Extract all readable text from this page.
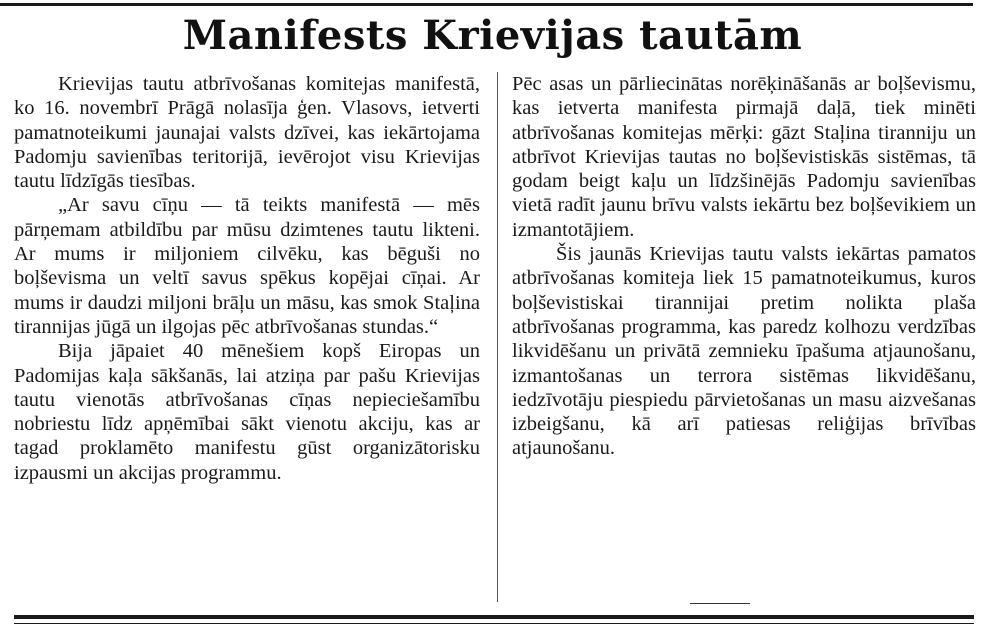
Manifests Krievijas tautām

Krievijas tautu atbrīvošanas komitejas manifestā, ko 16. novembrī Prāgā nolasīja ģen. Vlasovs, ietverti pamatnoteikumi jaunajai valsts dzīvei, kas iekārtojama Padomju savienības teritorijā, ievērojot visu Krievijas tautu līdzīgās tiesības.

„Ar savu cīņu — tā teikts manifestā — mēs pārņemam atbildību par mūsu dzimtenes tautu likteni. Ar mums ir miljoniem cilvēku, kas bēguši no boļševisma un veltī savus spēkus kopējai cīņai. Ar mums ir daudzi miljoni brāļu un māsu, kas smok Staļina tirannijas jūgā un ilgojas pēc atbrīvošanas stundas.“

Bija jāpaiet 40 mēnešiem kopš Eiropas un Padomijas kaļa sākšanās, lai atziņa par pašu Krievijas tautu vienotās atbrīvošanas cīņas nepieciešamību nobriestu līdz apņēmībai sākt vienotu akciju, kas ar tagad proklamēto manifestu gūst organizātorisku izpausmi un akcijas programmu.

Pēc asas un pārliecinātas norēķināšanās ar boļševismu, kas ietverta manifesta pirmajā daļā, tiek minēti atbrīvošanas komitejas mērķi: gāzt Staļina tiranniju un atbrīvot Krievijas tautas no boļševistiskās sistēmas, tā godam beigt kaļu un līdzšinējās Padomju savienības vietā radīt jaunu brīvu valsts iekārtu bez boļševikiem un izmantotājiem.

Šis jaunās Krievijas tautu valsts iekārtas pamatos atbrīvošanas komiteja liek 15 pamatnoteikumus, kuros boļševistiskai tirannijai pretim nolikta plaša atbrīvošanas programma, kas paredz kolhozu verdzības likvidēšanu un privātā zemnieku īpašuma atjaunošanu, izmantošanas un terrora sistēmas likvidēšanu, iedzīvotāju piespiedu pārvietošanas un masu aizvešanas izbeigšanu, kā arī patiesas reliģijas brīvības atjaunošanu.
